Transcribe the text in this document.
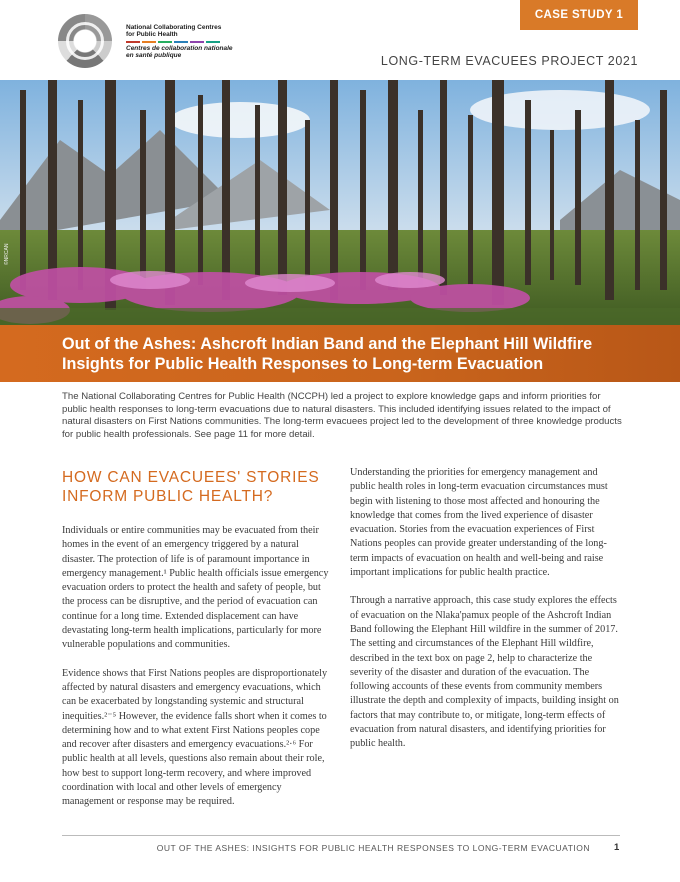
National Collaborating Centres
for Public Health
Centres de collaboration nationale
en santé publique
CASE STUDY 1
LONG-TERM EVACUEES PROJECT 2021
©NRCAN
Out of the Ashes: Ashcroft Indian Band and the Elephant Hill Wildfire
Insights for Public Health Responses to Long-term Evacuation
The National Collaborating Centres for Public Health (NCCPH) led a project to explore knowledge gaps and inform priorities for public health responses to long-term evacuations due to natural disasters. This included identifying issues related to the impact of natural disasters on First Nations communities. The long-term evacuees project led to the development of three knowledge products for public health professionals. See page 11 for more detail.
HOW CAN EVACUEES' STORIES INFORM PUBLIC HEALTH?

Individuals or entire communities may be evacuated from their homes in the event of an emergency triggered by a natural disaster. The protection of life is of paramount importance in emergency management.¹ Public health officials issue emergency evacuation orders to protect the health and safety of people, but the process can be disruptive, and the period of evacuation can continue for a long time. Extended displacement can have devastating long-term health implications, particularly for more vulnerable populations and communities.

Evidence shows that First Nations peoples are disproportionately affected by natural disasters and emergency evacuations, which can be exacerbated by longstanding systemic and structural inequities.²⁻⁵ However, the evidence falls short when it comes to determining how and to what extent First Nations peoples cope and recover after disasters and emergency evacuations.²·⁶ For public health at all levels, questions also remain about their role, how best to support long-term recovery, and where improved coordination with local and other levels of emergency management or response may be required.

Understanding the priorities for emergency management and public health roles in long-term evacuation circumstances must begin with listening to those most affected and honouring the knowledge that comes from the lived experience of disaster evacuation. Stories from the evacuation experiences of First Nations peoples can provide greater understanding of the long-term impacts of evacuation on health and well-being and raise important implications for public health practice.

Through a narrative approach, this case study explores the effects of evacuation on the Nlaka'pamux people of the Ashcroft Indian Band following the Elephant Hill wildfire in the summer of 2017. The setting and circumstances of the Elephant Hill wildfire, described in the text box on page 2, help to characterize the severity of the disaster and duration of the evacuation. The following accounts of these events from community members illustrate the depth and complexity of impacts, building insight on factors that may contribute to, or mitigate, long-term effects of evacuation from natural disasters, and identifying priorities for public health.

OUT OF THE ASHES: INSIGHTS FOR PUBLIC HEALTH RESPONSES TO LONG-TERM EVACUATION	1
